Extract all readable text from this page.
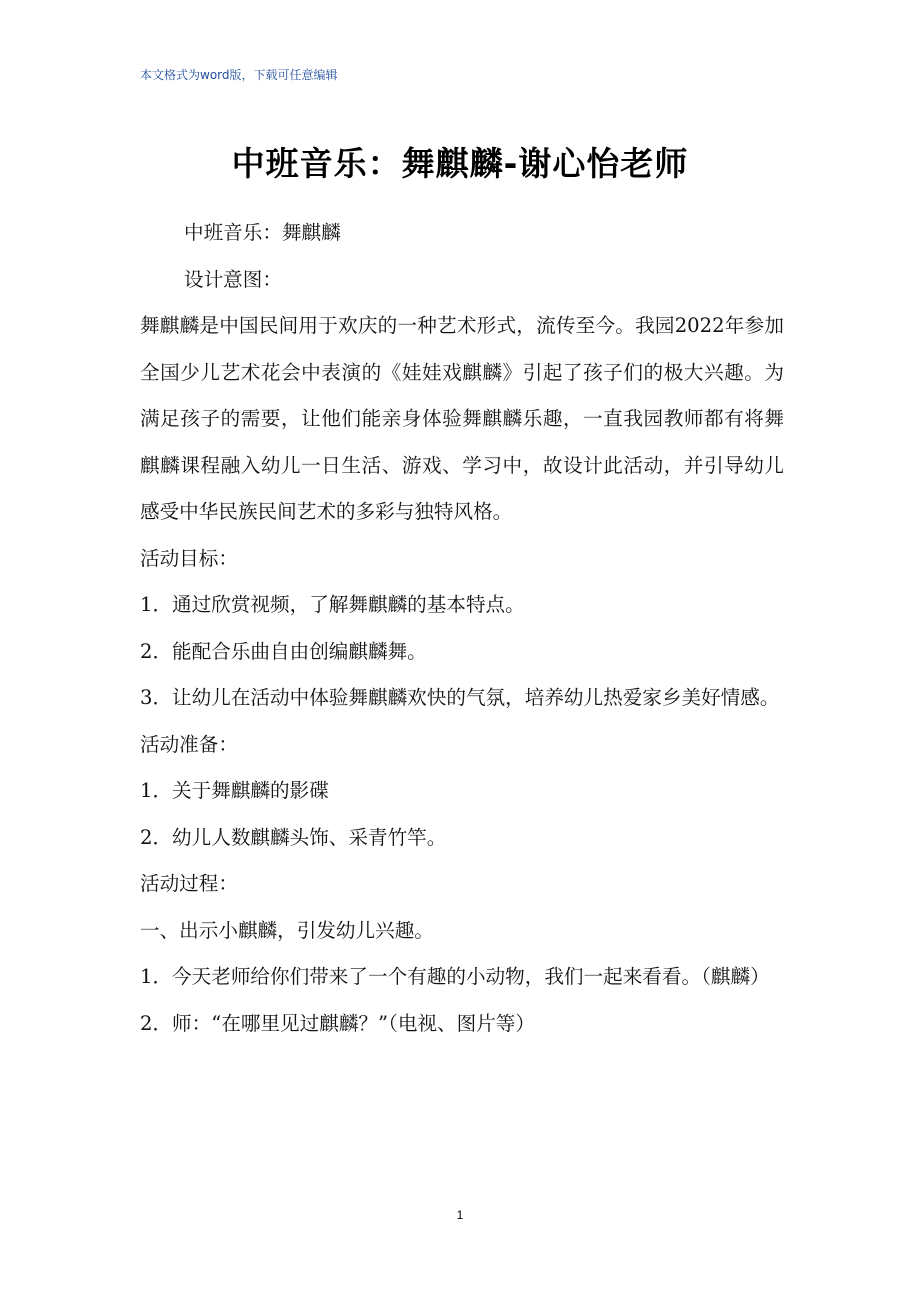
本文格式为word版，下载可任意编辑
中班音乐：舞麒麟-谢心怡老师

中班音乐：舞麒麟

设计意图：

舞麒麟是中国民间用于欢庆的一种艺术形式，流传至今。我园2022年参加全国少儿艺术花会中表演的《娃娃戏麒麟》引起了孩子们的极大兴趣。为满足孩子的需要，让他们能亲身体验舞麒麟乐趣，一直我园教师都有将舞麒麟课程融入幼儿一日生活、游戏、学习中，故设计此活动，并引导幼儿感受中华民族民间艺术的多彩与独特风格。

活动目标：

1．通过欣赏视频，了解舞麒麟的基本特点。

2．能配合乐曲自由创编麒麟舞。

3．让幼儿在活动中体验舞麒麟欢快的气氛，培养幼儿热爱家乡美好情感。

活动准备：

1．关于舞麒麟的影碟

2．幼儿人数麒麟头饰、采青竹竿。

活动过程：

一、出示小麒麟，引发幼儿兴趣。

1．今天老师给你们带来了一个有趣的小动物，我们一起来看看。（麒麟）

2．师：“在哪里见过麒麟？”（电视、图片等）

1
